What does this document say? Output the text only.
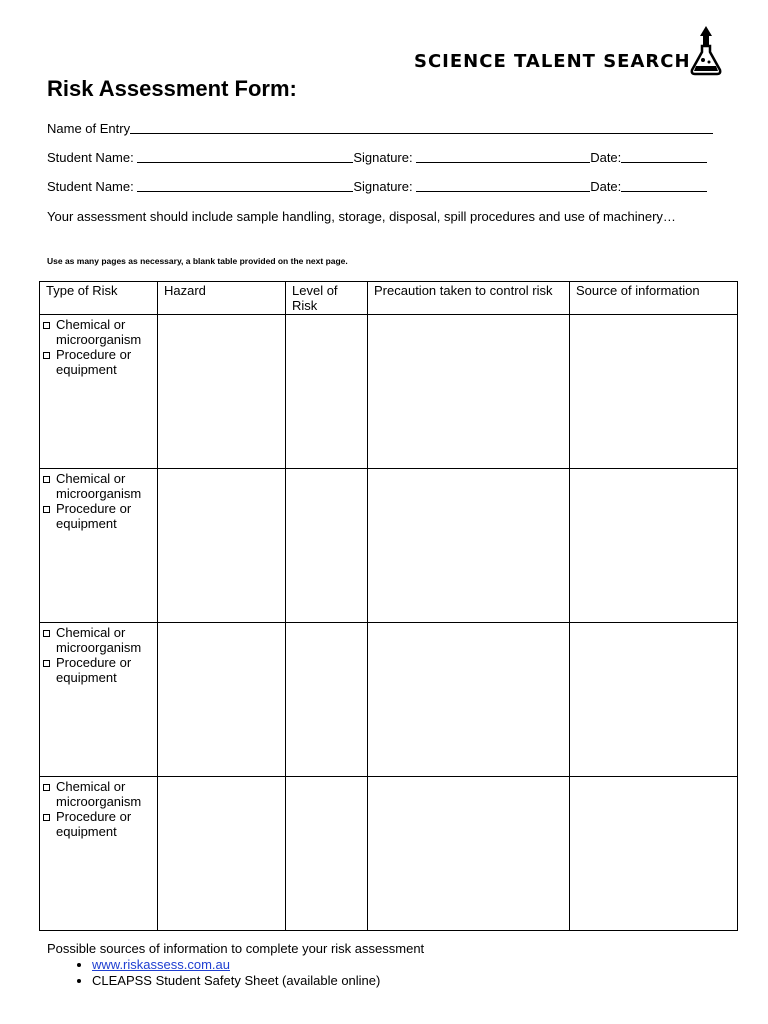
SCIENCE TALENT SEARCH
Risk Assessment Form:
Name of Entry
Student Name:	Signature:	Date:
Student Name:	Signature:	Date:

Your assessment should include sample handling, storage, disposal, spill procedures and use of machinery…

Use as many pages as necessary, a blank table provided on the next page.

Type of Risk	Hazard	Level of Risk	Precaution taken to control risk	Source of information

Chemical or microorganism
Procedure or equipment				

Chemical or microorganism
Procedure or equipment				

Chemical or microorganism
Procedure or equipment				

Chemical or microorganism
Procedure or equipment				

Possible sources of information to complete your risk assessment

• www.riskassess.com.au
• CLEAPSS Student Safety Sheet (available online)
